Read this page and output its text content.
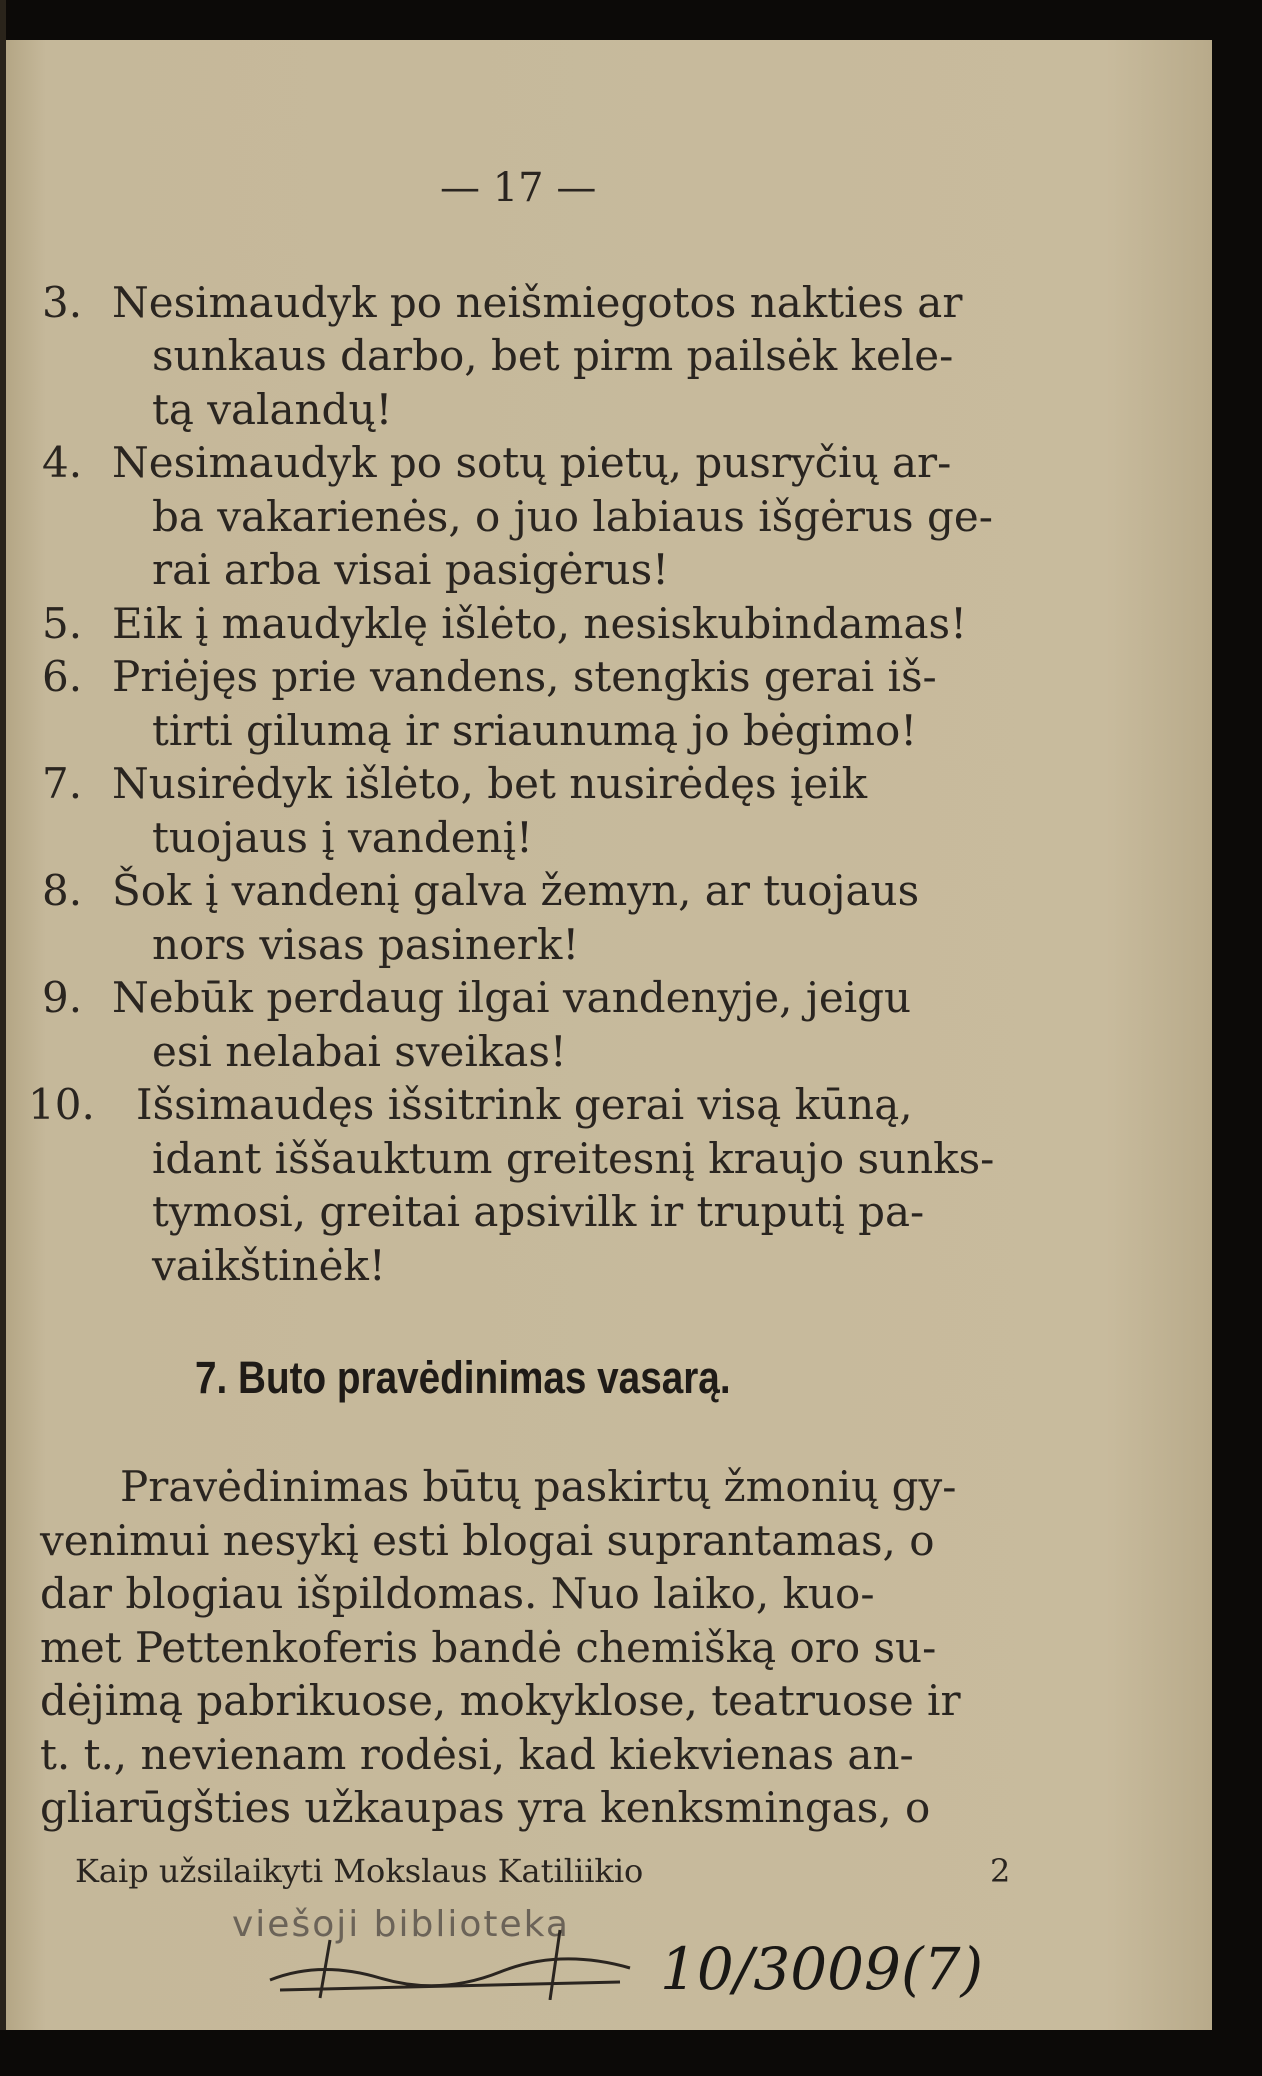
— 17 —
3. Nesimaudyk po neišmiegotos nakties ar
sunkaus darbo, bet pirm pailsėk kele-
tą valandų!
4. Nesimaudyk po sotų pietų, pusryčių ar-
ba vakarienės, o juo labiaus išgėrus ge-
rai arba visai pasigėrus!
5. Eik į maudyklę išlėto, nesiskubindamas!
6. Priėjęs prie vandens, stengkis gerai iš-
tirti gilumą ir sriaunumą jo bėgimo!
7. Nusirėdyk išlėto, bet nusirėdęs įeik
tuojaus į vandenį!
8. Šok į vandenį galva žemyn, ar tuojaus
nors visas pasinerk!
9. Nebūk perdaug ilgai vandenyje, jeigu
esi nelabai sveikas!
10. Išsimaudęs išsitrink gerai visą kūną,
idant iššauktum greitesnį kraujo sunks-
tymosi, greitai apsivilk ir truputį pa-
vaikštinėk!
7. Buto pravėdinimas vasarą.
Pravėdinimas būtų paskirtų žmonių gy-
venimui nesykį esti blogai suprantamas, o
dar blogiau išpildomas. Nuo laiko, kuo-
met Pettenkoferis bandė chemišką oro su-
dėjimą pabrikuose, mokyklose, teatruose ir
t. t., nevienam rodėsi, kad kiekvienas an-
gliarūgšties užkaupas yra kenksmingas, o
Kaip užsilaikyti Mokslaus Katiliikio	2
viešoji biblioteka
10/3009(7)
